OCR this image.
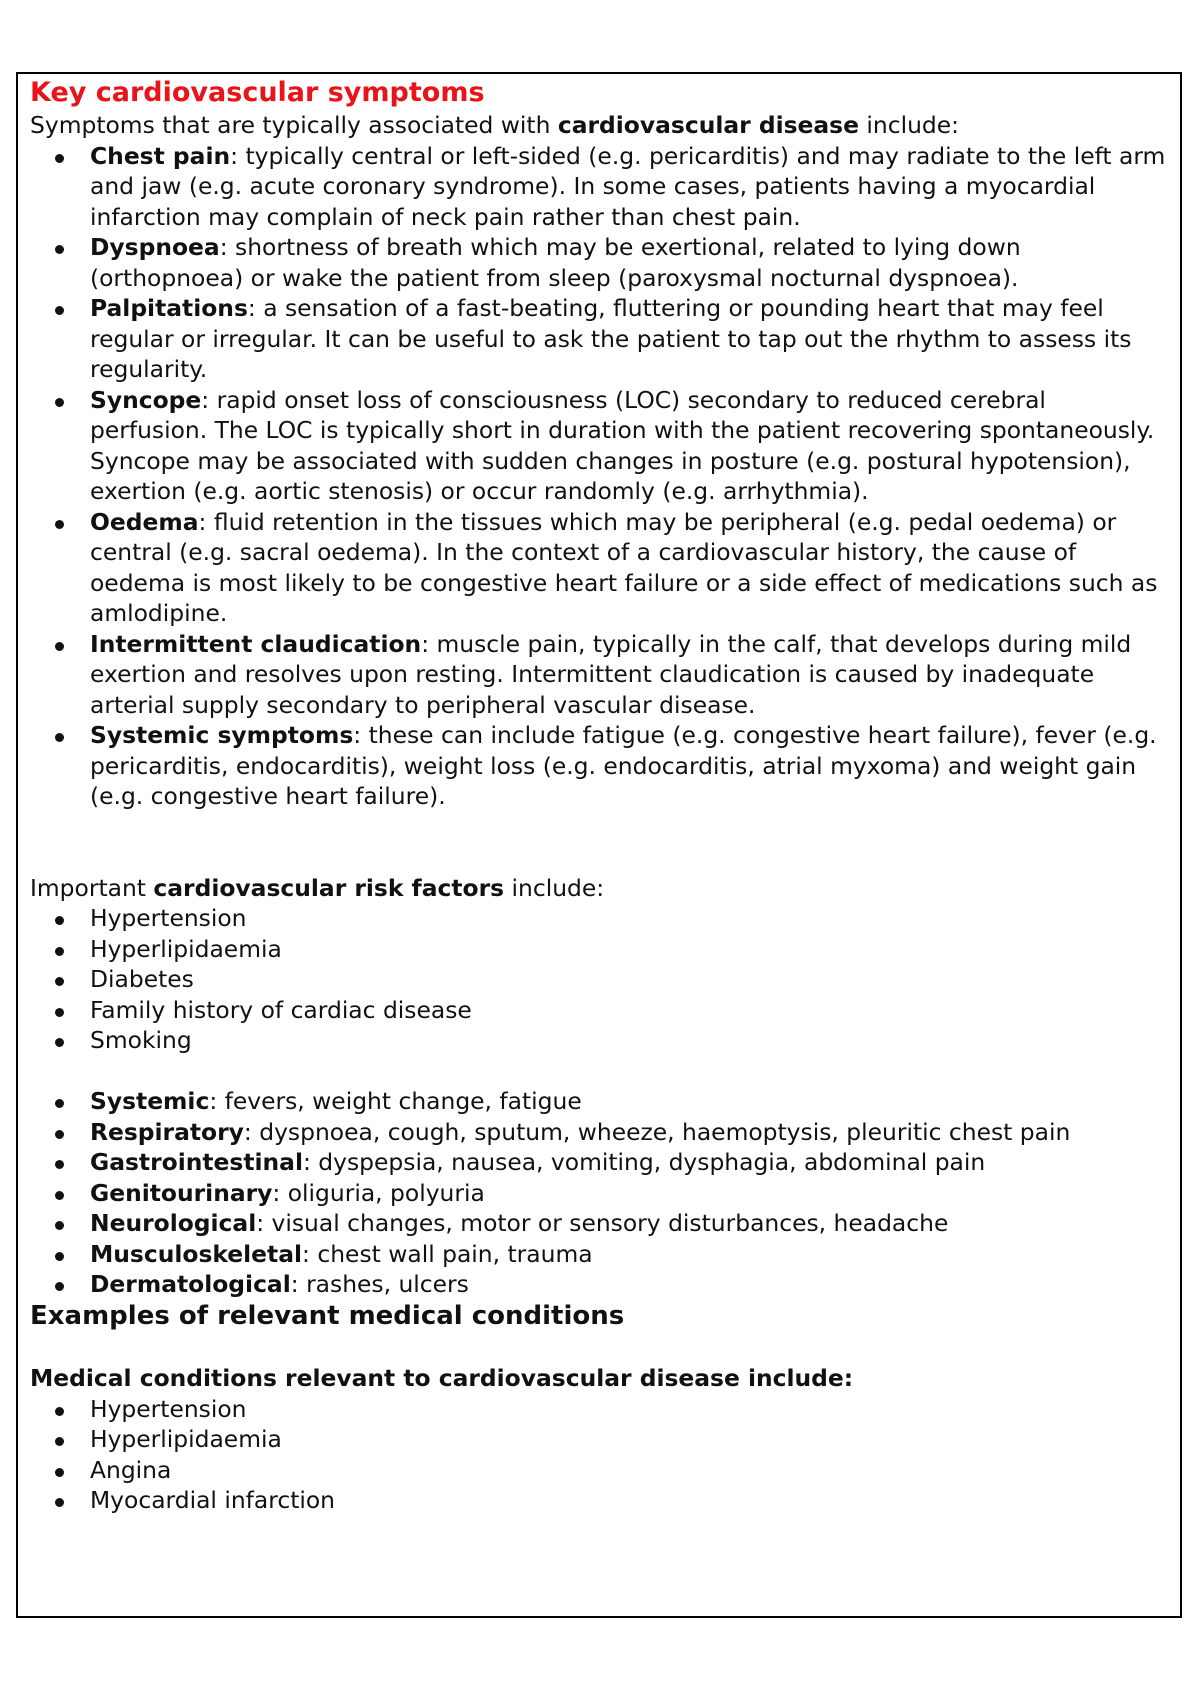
Key cardiovascular symptoms

Symptoms that are typically associated with cardiovascular disease include:

Chest pain: typically central or left-sided (e.g. pericarditis) and may radiate to the left arm and jaw (e.g. acute coronary syndrome). In some cases, patients having a myocardial infarction may complain of neck pain rather than chest pain.
Dyspnoea: shortness of breath which may be exertional, related to lying down (orthopnoea) or wake the patient from sleep (paroxysmal nocturnal dyspnoea).
Palpitations: a sensation of a fast-beating, fluttering or pounding heart that may feel regular or irregular. It can be useful to ask the patient to tap out the rhythm to assess its regularity.
Syncope: rapid onset loss of consciousness (LOC) secondary to reduced cerebral perfusion. The LOC is typically short in duration with the patient recovering spontaneously. Syncope may be associated with sudden changes in posture (e.g. postural hypotension), exertion (e.g. aortic stenosis) or occur randomly (e.g. arrhythmia).
Oedema: fluid retention in the tissues which may be peripheral (e.g. pedal oedema) or central (e.g. sacral oedema). In the context of a cardiovascular history, the cause of oedema is most likely to be congestive heart failure or a side effect of medications such as amlodipine.
Intermittent claudication: muscle pain, typically in the calf, that develops during mild exertion and resolves upon resting. Intermittent claudication is caused by inadequate arterial supply secondary to peripheral vascular disease.
Systemic symptoms: these can include fatigue (e.g. congestive heart failure), fever (e.g. pericarditis, endocarditis), weight loss (e.g. endocarditis, atrial myxoma) and weight gain (e.g. congestive heart failure).

Important cardiovascular risk factors include:

Hypertension
Hyperlipidaemia
Diabetes
Family history of cardiac disease
Smoking
Systemic: fevers, weight change, fatigue
Respiratory: dyspnoea, cough, sputum, wheeze, haemoptysis, pleuritic chest pain
Gastrointestinal: dyspepsia, nausea, vomiting, dysphagia, abdominal pain
Genitourinary: oliguria, polyuria
Neurological: visual changes, motor or sensory disturbances, headache
Musculoskeletal: chest wall pain, trauma
Dermatological: rashes, ulcers

Examples of relevant medical conditions

Medical conditions relevant to cardiovascular disease include:

Hypertension
Hyperlipidaemia
Angina
Myocardial infarction
